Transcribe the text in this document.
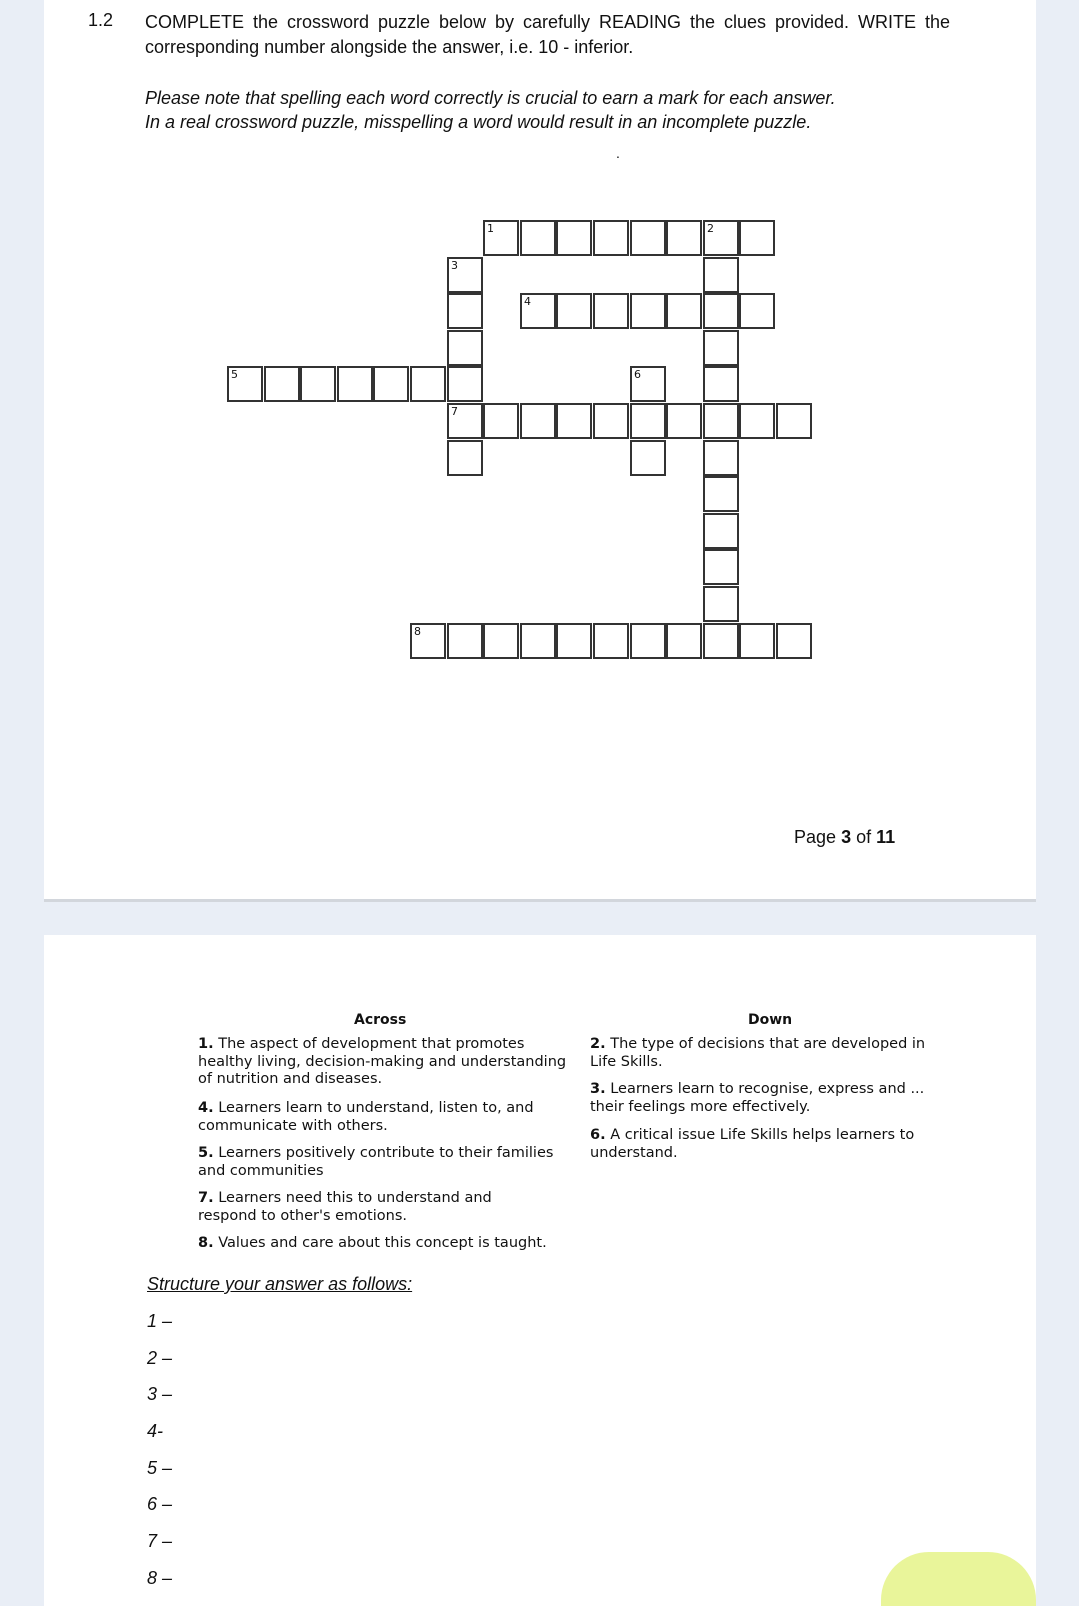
1.2 COMPLETE the crossword puzzle below by carefully READING the clues provided. WRITE the corresponding number alongside the answer, i.e. 10 - inferior.
Please note that spelling each word correctly is crucial to earn a mark for each answer.
In a real crossword puzzle, misspelling a word would result in an incomplete puzzle.
.
1	2
4
5
7
8
3
6
Page 3 of 11
Across	Down
1. The aspect of development that promotes healthy living, decision-making and understanding of nutrition and diseases.
4. Learners learn to understand, listen to, and communicate with others.
5. Learners positively contribute to their families and communities
7. Learners need this to understand and respond to other's emotions.
8. Values and care about this concept is taught.
2. The type of decisions that are developed in Life Skills.
3. Learners learn to recognise, express and ... their feelings more effectively.
6. A critical issue Life Skills helps learners to understand.
Structure your answer as follows:
1 –
2 –
3 –
4-
5 –
6 –
7 –
8 –
